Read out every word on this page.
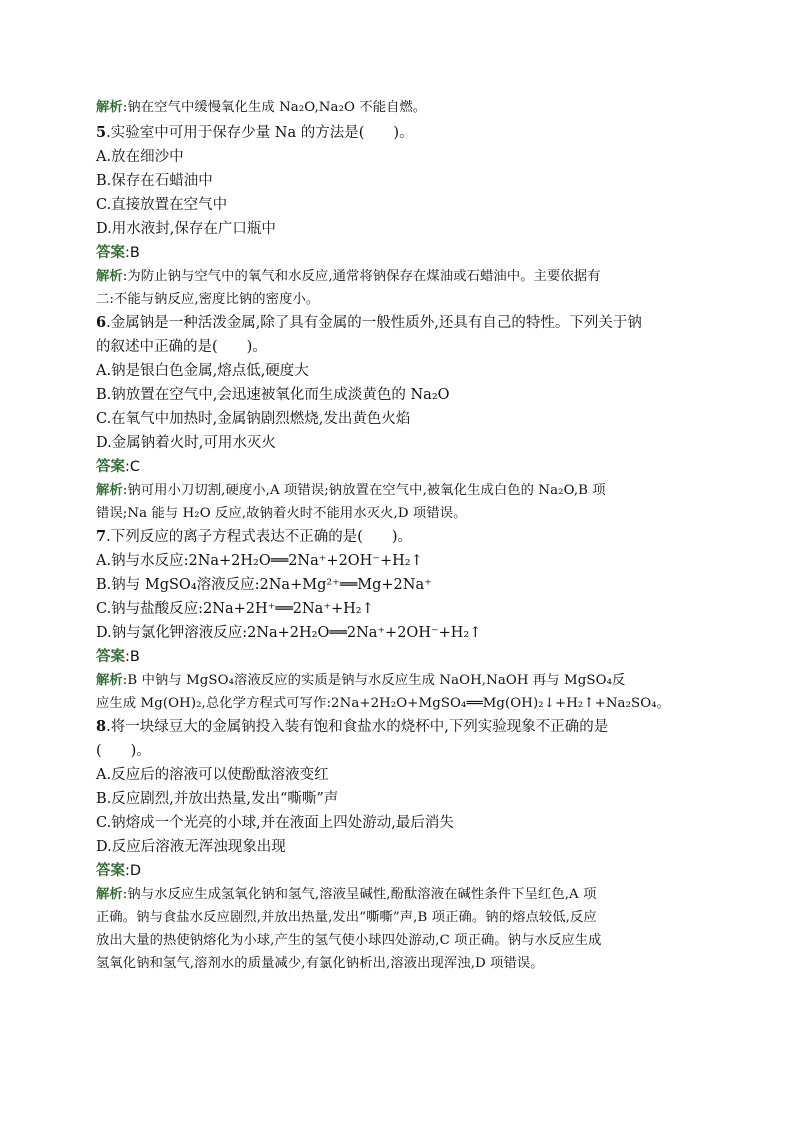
解析:钠在空气中缓慢氧化生成 Na₂O,Na₂O 不能自燃。
5.实验室中可用于保存少量 Na 的方法是(　　)。
A.放在细沙中
B.保存在石蜡油中
C.直接放置在空气中
D.用水液封,保存在广口瓶中
答案:B
解析:为防止钠与空气中的氧气和水反应,通常将钠保存在煤油或石蜡油中。主要依据有
二:不能与钠反应,密度比钠的密度小。
6.金属钠是一种活泼金属,除了具有金属的一般性质外,还具有自己的特性。下列关于钠
的叙述中正确的是(　　)。
A.钠是银白色金属,熔点低,硬度大
B.钠放置在空气中,会迅速被氧化而生成淡黄色的 Na₂O
C.在氧气中加热时,金属钠剧烈燃烧,发出黄色火焰
D.金属钠着火时,可用水灭火
答案:C
解析:钠可用小刀切割,硬度小,A 项错误;钠放置在空气中,被氧化生成白色的 Na₂O,B 项
错误;Na 能与 H₂O 反应,故钠着火时不能用水灭火,D 项错误。
7.下列反应的离子方程式表达不正确的是(　　)。
A.钠与水反应:2Na+2H₂O══2Na⁺+2OH⁻+H₂↑
B.钠与 MgSO₄溶液反应:2Na+Mg²⁺══Mg+2Na⁺
C.钠与盐酸反应:2Na+2H⁺══2Na⁺+H₂↑
D.钠与氯化钾溶液反应:2Na+2H₂O══2Na⁺+2OH⁻+H₂↑
答案:B
解析:B 中钠与 MgSO₄溶液反应的实质是钠与水反应生成 NaOH,NaOH 再与 MgSO₄反
应生成 Mg(OH)₂,总化学方程式可写作:2Na+2H₂O+MgSO₄══Mg(OH)₂↓+H₂↑+Na₂SO₄。
8.将一块绿豆大的金属钠投入装有饱和食盐水的烧杯中,下列实验现象不正确的是
(　　)。
A.反应后的溶液可以使酚酞溶液变红
B.反应剧烈,并放出热量,发出“嘶嘶”声
C.钠熔成一个光亮的小球,并在液面上四处游动,最后消失
D.反应后溶液无浑浊现象出现
答案:D
解析:钠与水反应生成氢氧化钠和氢气,溶液呈碱性,酚酞溶液在碱性条件下呈红色,A 项
正确。钠与食盐水反应剧烈,并放出热量,发出“嘶嘶”声,B 项正确。钠的熔点较低,反应
放出大量的热使钠熔化为小球,产生的氢气使小球四处游动,C 项正确。钠与水反应生成
氢氧化钠和氢气,溶剂水的质量减少,有氯化钠析出,溶液出现浑浊,D 项错误。
